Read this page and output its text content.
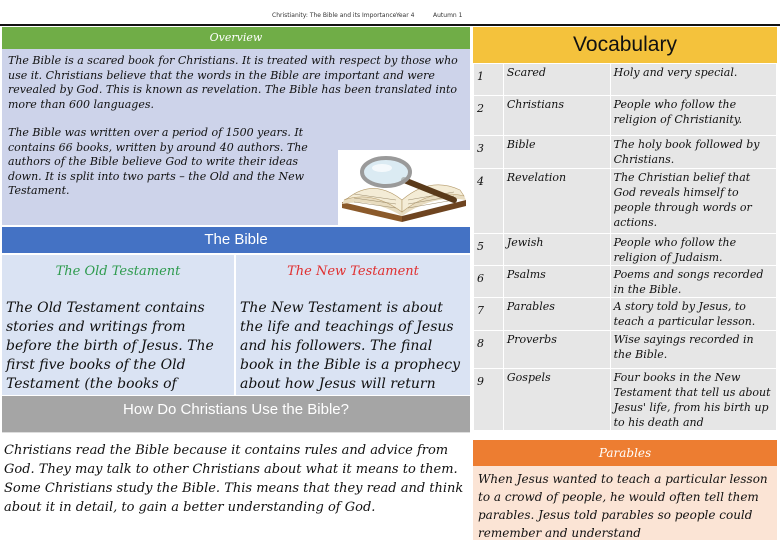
Christianity: The Bible and its Importance Year 4	Autumn 1
Overview

The Bible is a scared book for Christians. It is treated with respect by those who use it. Christians believe that the words in the Bible are important and were revealed by God. This is known as revelation. The Bible has been translated into more than 600 languages.

The Bible was written over a period of 1500 years. It contains 66 books, written by around 40 authors. The authors of the Bible believe God to write their ideas down. It is split into two parts – the Old and the New Testament.

The Bible
The Old Testament
The Old Testament contains stories and writings from before the birth of Jesus. The first five books of the Old Testament (the books of
The New Testament
The New Testament is about the life and teachings of Jesus and his followers. The final book in the Bible is a prophecy about how Jesus will return
How Do Christians Use the Bible?
Christians read the Bible because it contains rules and advice from God. They may talk to other Christians about what it means to them. Some Christians study the Bible. This means that they read and think about it in detail, to gain a better understanding of God.
Vocabulary
1	Scared	Holy and very special.
2	Christians	People who follow the religion of Christianity.
3	Bible	The holy book followed by Christians.
4	Revelation	The Christian belief that God reveals himself to people through words or actions.
5	Jewish	People who follow the religion of Judaism.
6	Psalms	Poems and songs recorded in the Bible.
7	Parables	A story told by Jesus, to teach a particular lesson.
8	Proverbs	Wise sayings recorded in the Bible.
9	Gospels	Four books in the New Testament that tell us about Jesus' life, from his birth up to his death and
Parables
When Jesus wanted to teach a particular lesson to a crowd of people, he would often tell them parables. Jesus told parables so people could remember and understand
